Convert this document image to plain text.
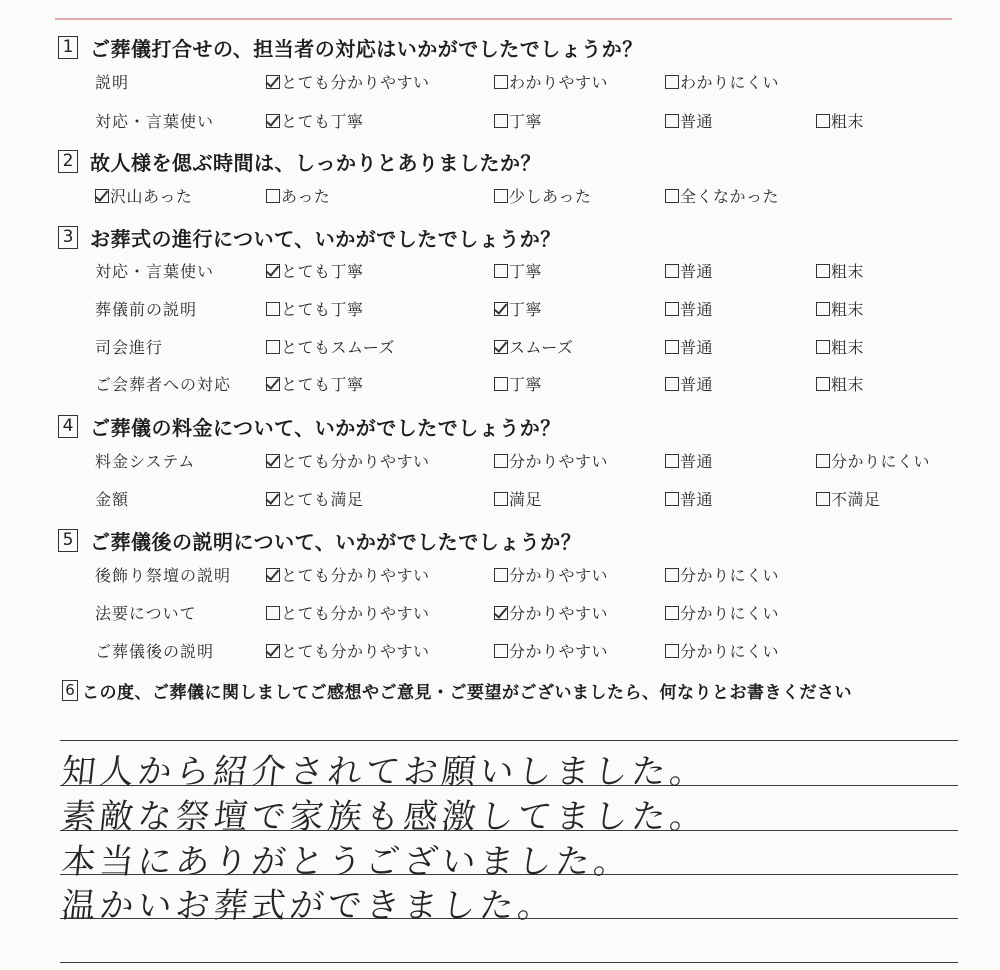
1 ご葬儀打合せの、担当者の対応はいかがでしたでしょうか？
説明	とても分かりやすい	わかりやすい	わかりにくい
対応・言葉使い	とても丁寧	丁寧	普通	粗末
2 故人様を偲ぶ時間は、しっかりとありましたか？
沢山あった	あった	少しあった	全くなかった
3 お葬式の進行について、いかがでしたでしょうか？
対応・言葉使い	とても丁寧	丁寧	普通	粗末
葬儀前の説明	とても丁寧	丁寧	普通	粗末
司会進行	とてもスムーズ	スムーズ	普通	粗末
ご会葬者への対応	とても丁寧	丁寧	普通	粗末
4 ご葬儀の料金について、いかがでしたでしょうか？
料金システム	とても分かりやすい	分かりやすい	普通	分かりにくい
金額	とても満足	満足	普通	不満足
5 ご葬儀後の説明について、いかがでしたでしょうか？
後飾り祭壇の説明	とても分かりやすい	分かりやすい	分かりにくい
法要について	とても分かりやすい	分かりやすい	分かりにくい
ご葬儀後の説明	とても分かりやすい	分かりやすい	分かりにくい
6 この度、ご葬儀に関しましてご感想やご意見・ご要望がございましたら、何なりとお書きください
知人から紹介されてお願いしました。
素敵な祭壇で家族も感激してました。
本当にありがとうございました。
温かいお葬式ができました。
